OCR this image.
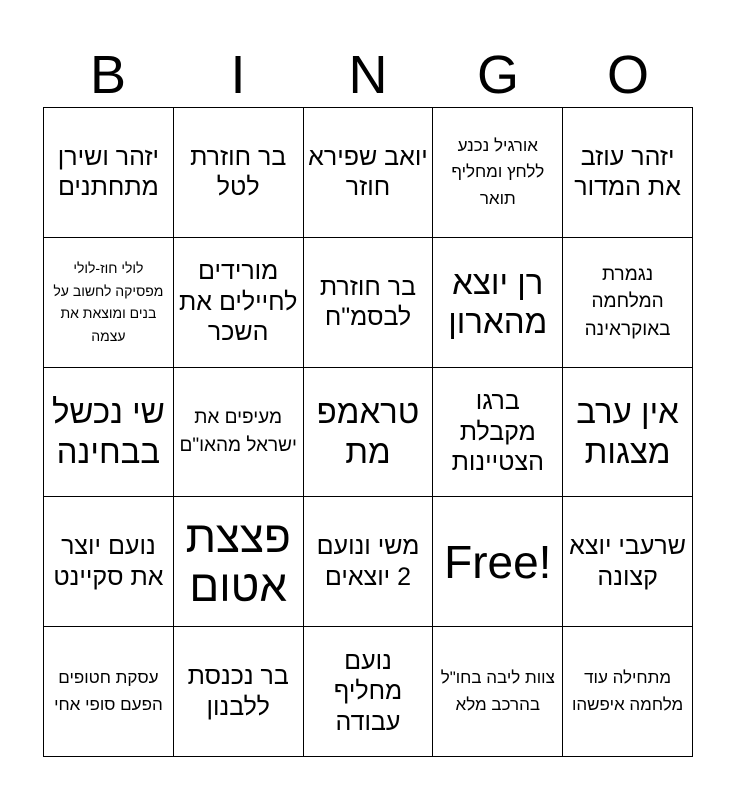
B	I	N	G	O
יזהר ושירן מתחתנים
בר חוזרת לטל
יואב שפירא חוזר
אורגיל נכנע ללחץ ומחליף תואר
יזהר עוזב את המדור
לולי חוז-לולי מפסיקה לחשוב על בנים ומוצאת את עצמה
מורידים לחיילים את השכר
בר חוזרת לבסמ"ח
רן יוצא מהארון
נגמרת המלחמה באוקראינה
שי נכשל בבחינה
מעיפים את ישראל מהאו"ם
טראמפ מת
ברגו מקבלת הצטיינות
אין ערב מצגות
נועם יוצר את סקיינט
פצצת אטום
משי ונועם 2 יוצאים Free! שרעבי יוצא קצונה
עסקת חטופים הפעם סופי אחי
בר נכנסת ללבנון
נועם מחליף עבודה
צוות ליבה בחו"ל בהרכב מלא
מתחילה עוד מלחמה איפשהו
